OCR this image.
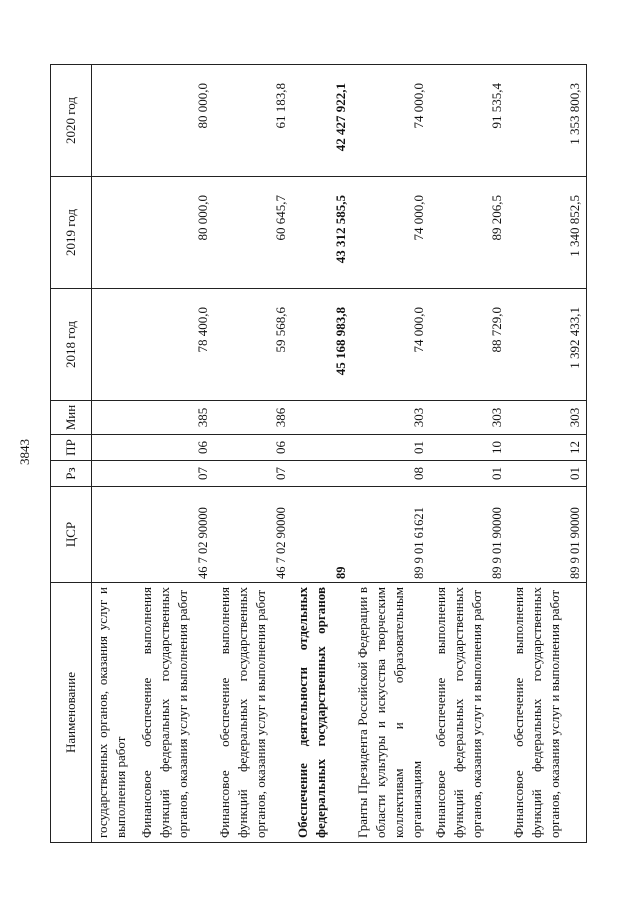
3843
Наименование	ЦСР	Рз	ПР	Мин	2018 год	2019 год	2020 год
государственных органов, оказания услуг и выполнения работ							
Финансовое обеспечение выполнения функций федеральных государственных органов, оказания услуг и выполнения работ	46 7 02 90000	07	06	385	78 400,0	80 000,0	80 000,0
Финансовое обеспечение выполнения функций федеральных государственных органов, оказания услуг и выполнения работ	46 7 02 90000	07	06	386	59 568,6	60 645,7	61 183,8
Обеспечение деятельности отдельных федеральных государственных органов	89				45 168 983,8	43 312 585,5	42 427 922,1
Гранты Президента Российской Федерации в области культуры и искусства творческим коллективам и образовательным организациям	89 9 01 61621	08	01	303	74 000,0	74 000,0	74 000,0
Финансовое обеспечение выполнения функций федеральных государственных органов, оказания услуг и выполнения работ	89 9 01 90000	01	10	303	88 729,0	89 206,5	91 535,4
Финансовое обеспечение выполнения функций федеральных государственных органов, оказания услуг и выполнения работ	89 9 01 90000	01	12	303	1 392 433,1	1 340 852,5	1 353 800,3
